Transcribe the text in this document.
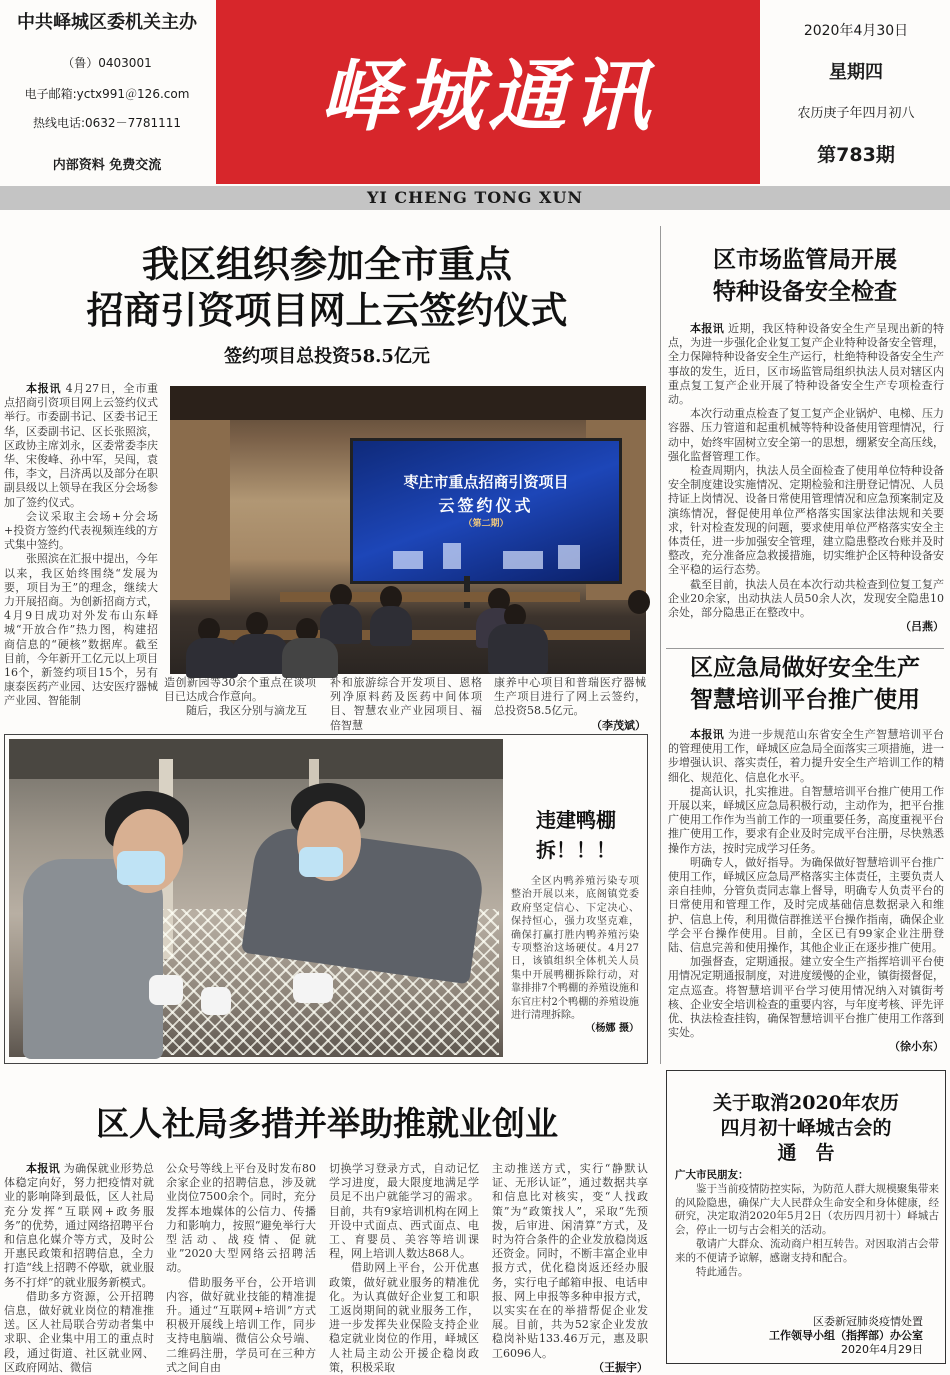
中共峄城区委机关主办
（鲁）0403001
电子邮箱:yctx991＠126.com
热线电话:0632－7781111
内部资料 免费交流
峄城通讯
2020年4月30日
星期四
农历庚子年四月初八
第783期
YI CHENG TONG XUN
我区组织参加全市重点
招商引资项目网上云签约仪式
签约项目总投资58.5亿元

本报讯 4月27日，全市重点招商引资项目网上云签约仪式举行。市委副书记、区委书记王华，区委副书记、区长张照滨，区政协主席刘永，区委常委李庆华、宋俊峰、孙中军，吴闯，袁伟，李文，吕济禹以及部分在职副县级以上领导在我区分会场参加了签约仪式。

会议采取主会场+分会场+投资方签约代表视频连线的方式集中签约。

张照滨在汇报中提出，今年以来，我区始终围绕“发展为要，项目为王”的理念，继续大力开展招商。为创新招商方式，4月9日成功对外发布山东峄城“开放合作”热力图，构建招商信息的“硬核”数据库。截至目前，今年新开工亿元以上项目16个，新签约项目15个，另有康泰医药产业园、达安医疗器械产业园、智能制

枣庄市重点招商引资项目
云签约仪式
（第二期）

造创新园等30余个重点在谈项目已达成合作意向。

随后，我区分别与滴龙互

补和旅游综合开发项目、恩格列净原料药及医药中间体项目、智慧农业产业园项目、福倍智慧

康养中心项目和普瑞医疗器械生产项目进行了网上云签约，总投资58.5亿元。

（李茂斌）
区市场监管局开展
特种设备安全检查

本报讯 近期，我区特种设备安全生产呈现出新的特点，为进一步强化企业复工复产企业特种设备安全管理，全力保障特种设备安全生产运行，杜绝特种设备安全生产事故的发生，近日，区市场监管局组织执法人员对辖区内重点复工复产企业开展了特种设备安全生产专项检查行动。

本次行动重点检查了复工复产企业锅炉、电梯、压力容器、压力管道和起重机械等特种设备使用管理情况，行动中，始终牢固树立安全第一的思想，绷紧安全高压线，强化监督管理工作。

检查周期内，执法人员全面检查了使用单位特种设备安全制度建设实施情况、定期检验和注册登记情况、人员持证上岗情况、设备日常使用管理情况和应急预案制定及演练情况，督促使用单位严格落实国家法律法规和关要求，针对检查发现的问题，要求使用单位严格落实安全主体责任，进一步加强安全管理，建立隐患整改台账并及时整改，充分准备应急救援措施，切实维护企区特种设备安全平稳的运行态势。

截至目前，执法人员在本次行动共检查到位复工复产企业20余家，出动执法人员50余人次，发现安全隐患10余处，部分隐患正在整改中。

（吕燕）
区应急局做好安全生产
智慧培训平台推广使用

本报讯 为进一步规范山东省安全生产智慧培训平台的管理使用工作，峄城区应急局全面落实三项措施，进一步增强认识、落实责任，着力提升安全生产培训工作的精细化、规范化、信息化水平。

提高认识，扎实推进。自智慧培训平台推广使用工作开展以来，峄城区应急局积极行动，主动作为，把平台推广使用工作作为当前工作的一项重要任务，高度重视平台推广使用工作，要求有企业及时完成平台注册，尽快熟悉操作方法，按时完成学习任务。

明确专人，做好指导。为确保做好智慧培训平台推广使用工作，峄城区应急局严格落实主体责任，主要负责人亲自挂帅，分管负责同志靠上督导，明确专人负责平台的日常使用和管理工作，及时完成基础信息数据录入和维护、信息上传，利用微信群推送平台操作指南，确保企业学会平台操作使用。目前，全区已有99家企业注册登陆、信息完善和使用操作，其他企业正在逐步推广使用。

加强督查，定期通报。建立安全生产指挥培训平台使用情况定期通报制度，对进度缓慢的企业，镇街掇督促，定点巡查。将智慧培训平台学习使用情况纳入对镇街考核、企业安全培训检查的重要内容，与年度考核、评先评优、执法检查挂钩，确保智慧培训平台推广使用工作落到实处。

（徐小东）
违建鸭棚
拆！！！

全区内鸭养殖污染专项整治开展以来，底阁镇党委政府坚定信心、下定决心、保持恒心，强力攻坚克难，确保打赢打胜内鸭养殖污染专项整治这场硬仗。4月27日，该镇组织全体机关人员集中开展鸭棚拆除行动，对靠排排7个鸭棚的养殖设施和东官庄村2个鸭棚的养殖设施进行清理拆除。

（杨娜 摄）
区人社局多措并举助推就业创业

本报讯 为确保就业形势总体稳定向好，努力把疫情对就业的影响降到最低，区人社局充分发挥“互联网+政务服务”的优势，通过网络招聘平台和信息化媒介等方式，及时公开惠民政策和招聘信息，全力打造“线上招聘不停歇，就业服务不打烊”的就业服务新模式。

借助多方资源，公开招聘信息，做好就业岗位的精准推送。区人社局联合劳动者集中求职、企业集中用工的重点时段，通过街道、社区就业网、区政府网站、微信

公众号等线上平台及时发布80余家企业的招聘信息，涉及就业岗位7500余个。同时，充分发挥本地媒体的公信力、传播力和影响力，按照“避免举行大型活动、战疫情、促就业”2020大型网络云招聘活动。

借助服务平台，公开培训内容，做好就业技能的精准提升。通过“互联网+培训”方式积极开展线上培训工作，同步支持电脑端、微信公众号端、二维码注册，学员可在三种方式之间自由

切换学习登录方式，自动记忆学习进度，最大限度地满足学员足不出户就能学习的需求。目前，共有9家培训机构在网上开设中式面点、西式面点、电工、育婴员、美容等培训课程，网上培训人数达868人。

借助网上平台，公开优惠政策，做好就业服务的精准优化。为认真做好企业复工和职工返岗期间的就业服务工作，进一步发挥失业保险支持企业稳定就业岗位的作用，峄城区人社局主动公开援企稳岗政策，积极采取

主动推送方式，实行“静默认证、无形认证”，通过数据共享和信息比对核实，变“人找政策”为“政策找人”，采取“先预拨，后审进、闲清算”方式，及时为符合条件的企业发放稳岗返还资金。同时，不断丰富企业申报方式，优化稳岗返还经办服务，实行电子邮箱申报、电话申报、网上申报等多种申报方式，以实实在在的举措帮促企业发展。目前，共为52家企业发放稳岗补贴133.46万元，惠及职工6096人。

（王振宇）
关于取消2020年农历
四月初十峄城古会的
通　告
广大市民朋友：

鉴于当前疫情防控实际，为防范人群大规模聚集带来的风险隐患，确保广大人民群众生命安全和身体健康，经研究，决定取消2020年5月2日（农历四月初十）峄城古会，停止一切与古会相关的活动。

敬请广大群众、流动商户相互转告。对因取消古会带来的不便请予谅解，感谢支持和配合。

特此通告。

区委新冠肺炎疫情处置
工作领导小组（指挥部）办公室
2020年4月29日
